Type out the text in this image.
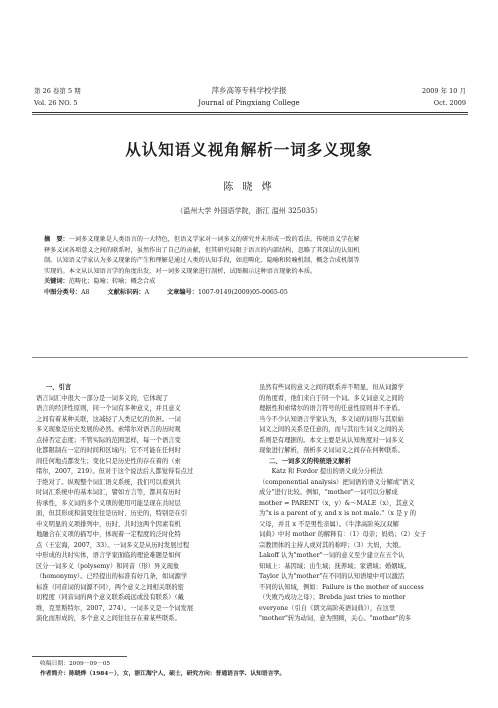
第 26 卷第 5 期
Vol. 26 NO. 5
萍乡高等专科学校学报
Journal of Pingxiang College
2009 年 10 月
Oct. 2009
从认知语义视角解析一词多义现象
陈 晓 烨
（温州大学 外国语学院，浙江 温州 325035）
摘　要：一词多义现象是人类语言的一大特色，但语义学家对一词多义的研究并未形成一致的看法。传统语义学在解
释多义词各项意义之间的联系时，虽然作出了自己的贡献，但其研究局限于语言的内部结构，忽略了其深层的认知机
制。认知语义学家认为多义现象的产生和理解是通过人类的认知手段，如范畴化、隐喻和转喻机制、概念合成机制等
实现的。本文从认知语言学的角度出发，对一词多义现象进行剖析，试图揭示这种语言现象的本质。
关键词：范畴化；隐喻；转喻；概念合成
中图分类号：A8	文献标识码：A	文章编号：1007-9149(2009)05-0065-05
一、引言
语言词汇中很大一部分是一词多义的，它体现了
语言的经济性原则，同一个词有多种意义，并且意义
之间有着某种关联，这减轻了人类记忆的负担。一词
多义现象是历史发展的必然。索绪尔对语言的历时观
点持否定态度；不管实际的范围怎样，每一个语言变
化都限制在一定的时间和区域内；它不可能在任何时
间任何地点都发生；变化只是历史性的存在着的（索
绪尔，2007，219）。但对于这个说法后人都觉得有点过
于绝对了。纵观整个词汇语义系统，我们可以看到共
时词汇系统中的基本词汇，譬如方言等，都具有历时
传承性，多义词的多个义项的使用可能呈现在共时层
面，但其形成和演变往往是历时、历史的，特别是在引
申义明显的义项排列中，历时、共时这两个因素有机
地融合在义项的描写中，体现着一定程度的泛时化特
点（王宏海，2007，33）。一词多义是从历时发展过程
中形成的共时实体，语言学家面临的理论难题是如何
区分一词多义（polysemy）和同音（形）异义现象
（homonymy）。已经提出的标准有好几条，如词源学
标准（同音词的词源不同），两个意义之间相关联的密
切程度（同音词的两个意义联系疏远或没有联系）（戴
维，克里斯特尔，2007，274）。一词多义是一个词发展
演化而形成的，多个意义之间往往存在着某些联系。
虽然有些词的意义之间的联系并不明显，但从词源学
的角度看，他们来自于同一个词。多义词意义之间的
理据性和索绪尔的语言符号的任意性原则并不矛盾。
当今不少认知语言学家认为，多义词的词形与其原始
词义之间的关系是任意的，而与其衍生词义之间的关
系则是有理据的。本文主要是从认知角度对一词多义
现象进行解析，剖析多义词词义之间存在何种联系。
二、一词多义的传统语义解析
　　Katz 和 Fordor 提出的语义成分分析法
（componential analysis）把词语的语义分解成"语义
成分"进行比较。例如，"mother"一词可以分解成
mother = PARENT（x，y）&～MALE（x），其意义
为"x is a parent of y, and x is not male."（x 是 y 的
父母，并且 x 不是男性亲属）。《牛津高阶英汉双解
词典》中对 mother 的解释有：（1）母亲；妈妈；（2）女子
宗教团体的主持人或对其的称呼；（3）大妈，大娘。
Lakoff 认为"mother"一词的意义至少建立在五个认
知域上：基因域；出生域；抚养域；家谱域；婚姻域。
Taylor 认为"mother"在不同的认知语境中可以激活
不同的认知域，例如：Failure is the mother of success
（失败乃成功之母）；Brebda just tries to mother
everyone（引自《朗文高阶英语词典》），在这里
"mother"转为动词，意为照顾，关心。"mother"的多
收稿日期：2009－09－05
作者简介：陈晓烨（1984－），女，浙江海宁人，硕士，研究方向：普通语言学、认知语言学。
